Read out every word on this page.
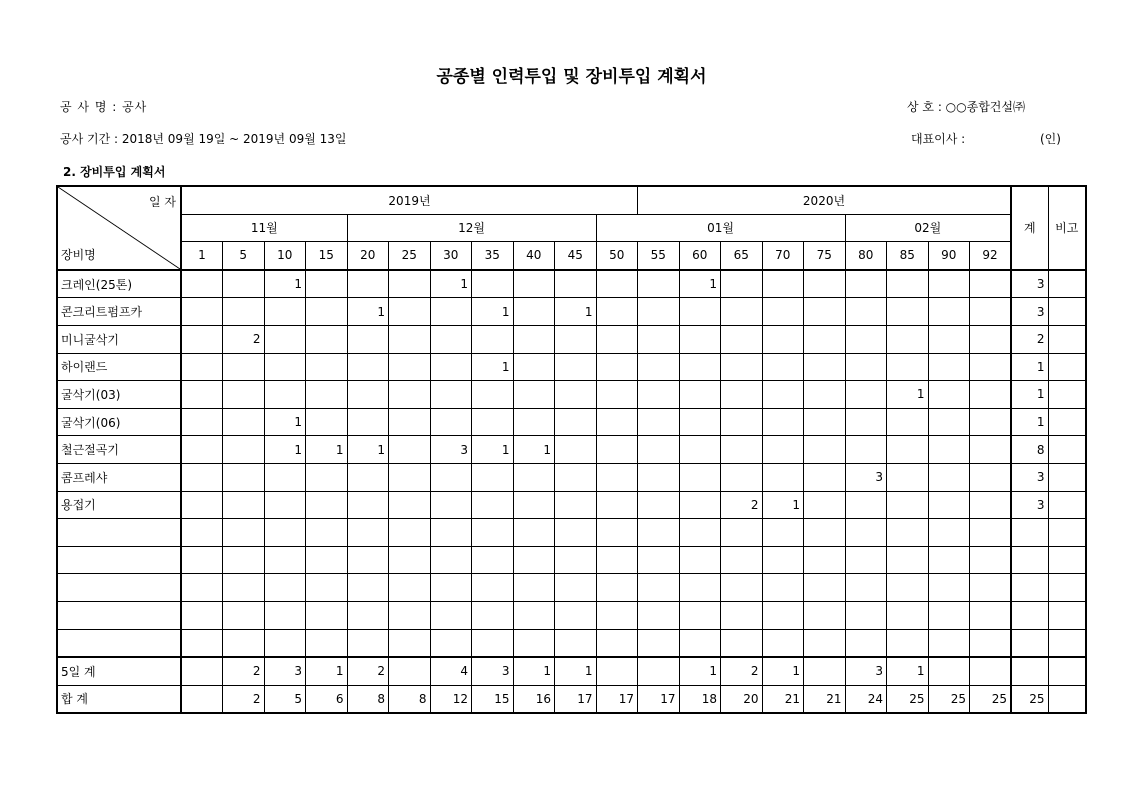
공종별 인력투입 및 장비투입 계획서
공 사 명 : 공사
공사 기간 : 2018년 09월 19일 ~ 2019년 09월 13일
상 호 : ○○종합건설㈜
대표이사 :	(인)
2. 장비투입 계획서
일 자
장비명	2019년											2020년									계	비고
	11월				12월						01월						02월					
	1	5	10	15	20	25	30	35	40	45	50	55	60	65	70	75	80	85	90	92		
크레인(25톤)			1				1						1								3	
콘크리트펌프카					1			1		1											3	
미니굴삭기		2																			2	
하이랜드								1													1	
굴삭기(03)																		1			1	
굴삭기(06)			1																		1	
철근절곡기			1	1	1		3	1	1												8	
콤프레샤																	3				3	
용접기														2	1						3	

5일 계		2	3	1	2		4	3	1	1			1	2	1		3	1				
합 계		2	5	6	8	8	12	15	16	17	17	17	18	20	21	21	24	25	25	25	25	
